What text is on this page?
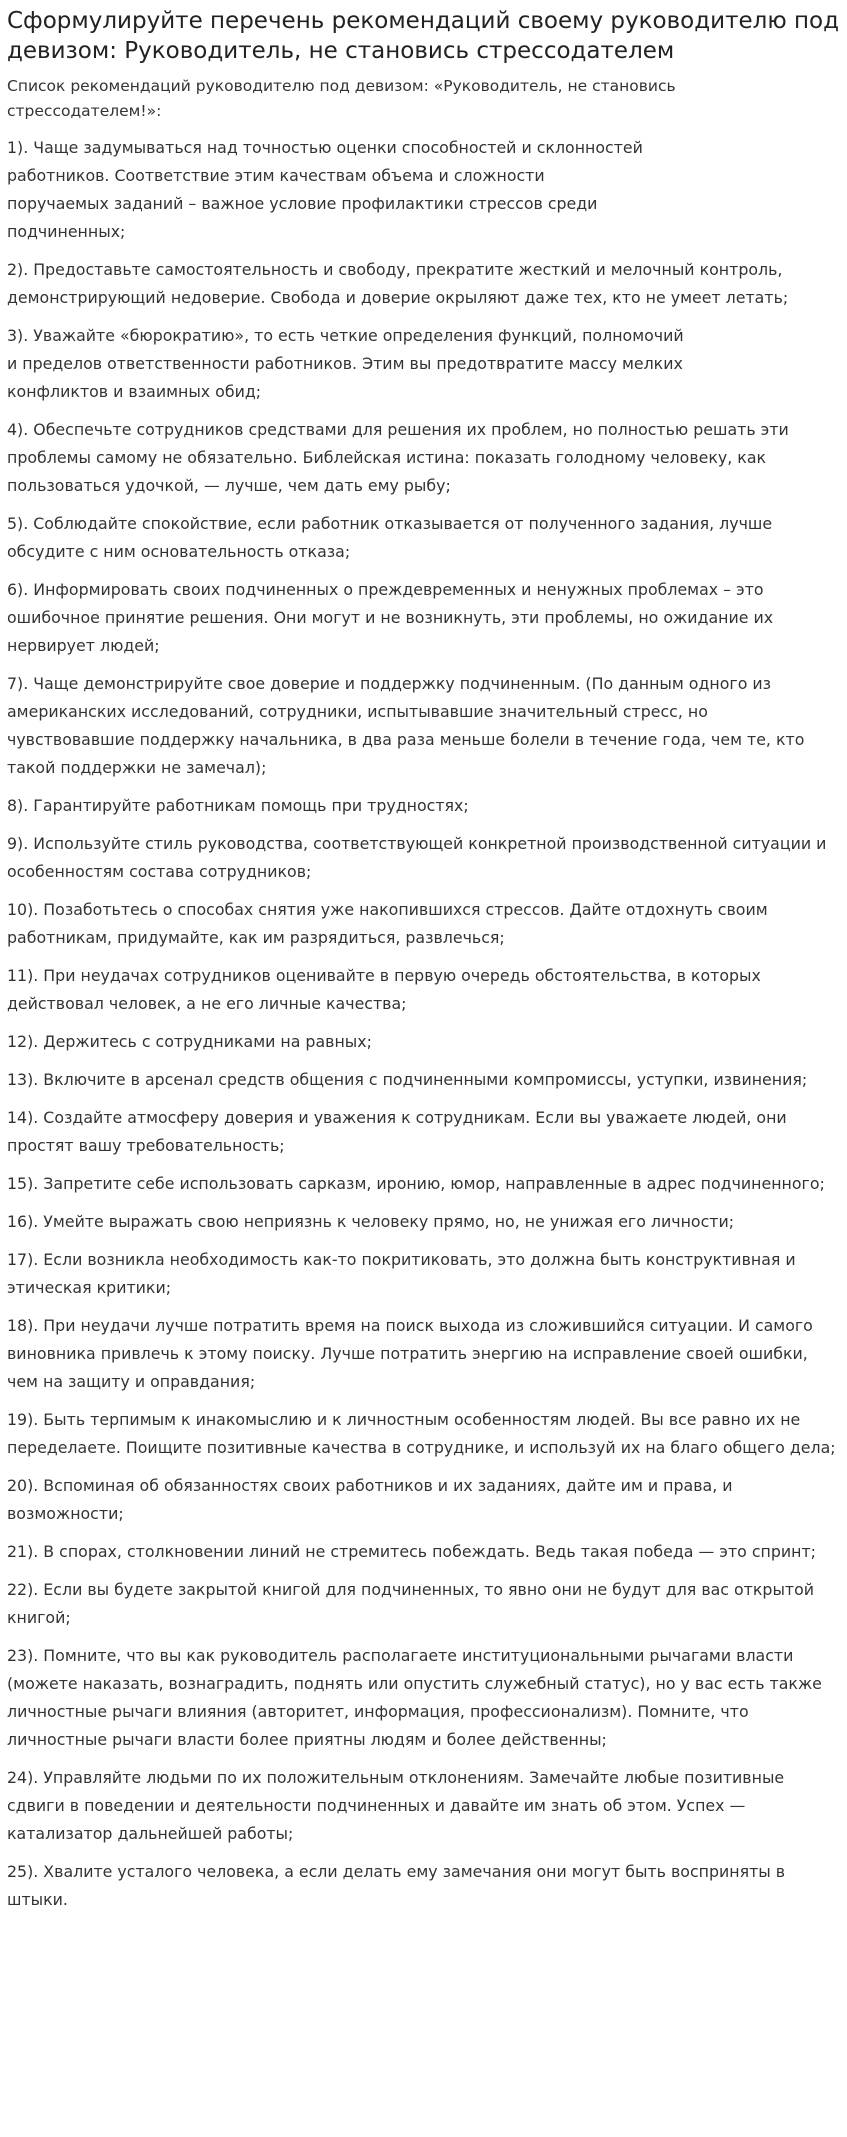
Сформулируйте перечень рекомендаций своему руководителю под девизом: Руководитель, не становись стрессодателем

Список рекомендаций руководителю под девизом: «Руководитель, не становись стрессодателем!»:

1). Чаще задумываться над точностью оценки способностей и склонностей работников. Соответствие этим качествам объема и сложности поручаемых заданий – важное условие профилактики стрессов среди подчиненных;

2). Предоставьте самостоятельность и свободу, прекратите жесткий и мелочный контроль, демонстрирующий недоверие. Свобода и доверие окрыляют даже тех, кто не умеет летать;

3). Уважайте «бюрократию», то есть четкие определения функций, полномочий и пределов ответственности работников. Этим вы предотвратите массу мелких конфликтов и взаимных обид;

4). Обеспечьте сотрудников средствами для решения их проблем, но полностью решать эти проблемы самому не обязательно. Библейская истина: показать голодному человеку, как пользоваться удочкой, — лучше, чем дать ему рыбу;

5). Соблюдайте спокойствие, если работник отказывается от полученного задания, лучше обсудите с ним основательность отказа;

6). Информировать своих подчиненных о преждевременных и ненужных проблемах – это ошибочное принятие решения. Они могут и не возникнуть, эти проблемы, но ожидание их нервирует людей;

7). Чаще демонстрируйте свое доверие и поддержку подчиненным. (По данным одного из американских исследований, сотрудники, испытывавшие значительный стресс, но чувствовавшие поддержку начальника, в два раза меньше болели в течение года, чем те, кто такой поддержки не замечал);

8). Гарантируйте работникам помощь при трудностях;

9). Используйте стиль руководства, соответствующей конкретной производственной ситуации и особенностям состава сотрудников;

10). Позаботьтесь о способах снятия уже накопившихся стрессов. Дайте отдохнуть своим работникам, придумайте, как им разрядиться, развлечься;

11). При неудачах сотрудников оценивайте в первую очередь обстоятельства, в которых действовал человек, а не его личные качества;

12). Держитесь с сотрудниками на равных;

13). Включите в арсенал средств общения с подчиненными компромиссы, уступки, извинения;

14). Создайте атмосферу доверия и уважения к сотрудникам. Если вы уважаете людей, они простят вашу требовательность;

15). Запретите себе использовать сарказм, иронию, юмор, направленные в адрес подчиненного;

16). Умейте выражать свою неприязнь к человеку прямо, но, не унижая его личности;

17). Если возникла необходимость как-то покритиковать, это должна быть конструктивная и этическая критики;

18). При неудачи лучше потратить время на поиск выхода из сложившийся ситуации. И самого виновника привлечь к этому поиску. Лучше потратить энергию на исправление своей ошибки, чем на защиту и оправдания;

19). Быть терпимым к инакомыслию и к личностным особенностям людей. Вы все равно их не переделаете. Поищите позитивные качества в сотруднике, и используй их на благо общего дела;

20). Вспоминая об обязанностях своих работников и их заданиях, дайте им и права, и возможности;

21). В спорах, столкновении линий не стремитесь побеждать. Ведь такая победа — это спринт;

22). Если вы будете закрытой книгой для подчиненных, то явно они не будут для вас открытой книгой;

23). Помните, что вы как руководитель располагаете институциональными рычагами власти (можете наказать, вознаградить, поднять или опустить служебный статус), но у вас есть также личностные рычаги влияния (авторитет, информация, профессионализм). Помните, что личностные рычаги власти более приятны людям и более действенны;

24). Управляйте людьми по их положительным отклонениям. Замечайте любые позитивные сдвиги в поведении и деятельности подчиненных и давайте им знать об этом. Успех — катализатор дальнейшей работы;

25). Хвалите усталого человека, а если делать ему замечания они могут быть восприняты в штыки.
